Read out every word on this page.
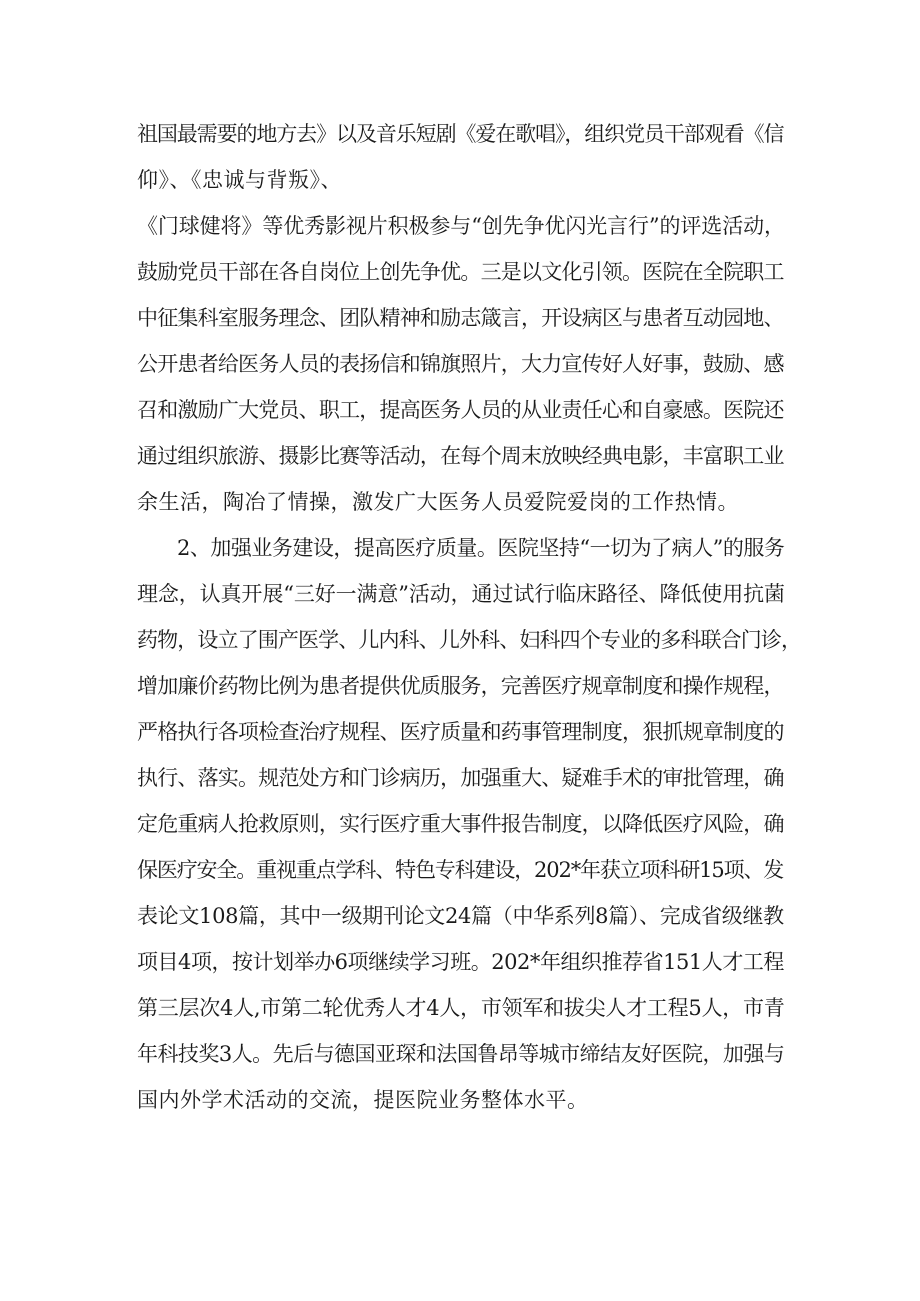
祖国最需要的地方去》以及音乐短剧《爱在歌唱》，组织党员干部观看《信
仰》、《忠诚与背叛》、
《门球健将》等优秀影视片积极参与“创先争优闪光言行”的评选活动，
鼓励党员干部在各自岗位上创先争优。三是以文化引领。医院在全院职工
中征集科室服务理念、团队精神和励志箴言，开设病区与患者互动园地、
公开患者给医务人员的表扬信和锦旗照片，大力宣传好人好事，鼓励、感
召和激励广大党员、职工，提高医务人员的从业责任心和自豪感。医院还
通过组织旅游、摄影比赛等活动，在每个周末放映经典电影，丰富职工业
余生活，陶冶了情操，激发广大医务人员爱院爱岗的工作热情。
2、加强业务建设，提高医疗质量。医院坚持“一切为了病人”的服务
理念，认真开展“三好一满意”活动，通过试行临床路径、降低使用抗菌
药物，设立了围产医学、儿内科、儿外科、妇科四个专业的多科联合门诊，
增加廉价药物比例为患者提供优质服务，完善医疗规章制度和操作规程，
严格执行各项检查治疗规程、医疗质量和药事管理制度，狠抓规章制度的
执行、落实。规范处方和门诊病历，加强重大、疑难手术的审批管理，确
定危重病人抢救原则，实行医疗重大事件报告制度，以降低医疗风险，确
保医疗安全。重视重点学科、特色专科建设，202*年获立项科研15项、发
表论文108篇，其中一级期刊论文24篇（中华系列8篇）、完成省级继教
项目4项，按计划举办6项继续学习班。202*年组织推荐省151人才工程
第三层次4人,市第二轮优秀人才4人，市领军和拔尖人才工程5人，市青
年科技奖3人。先后与德国亚琛和法国鲁昂等城市缔结友好医院，加强与
国内外学术活动的交流，提医院业务整体水平。
